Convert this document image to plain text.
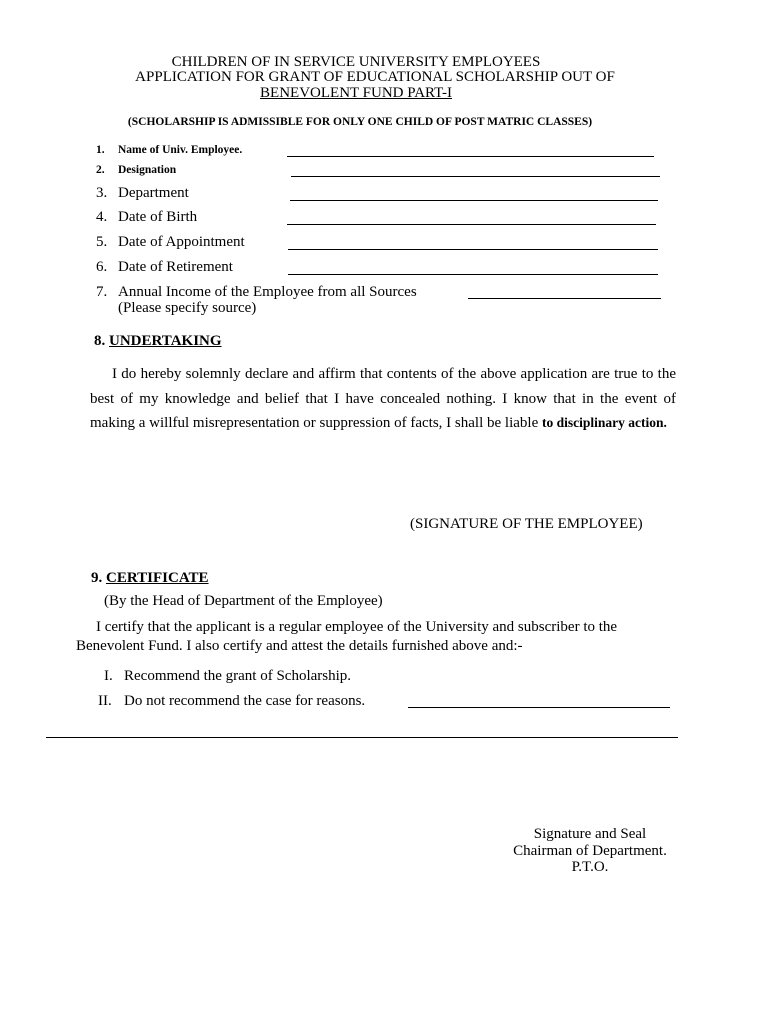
CHILDREN OF IN SERVICE UNIVERSITY EMPLOYEES
APPLICATION FOR GRANT OF EDUCATIONAL SCHOLARSHIP OUT OF
BENEVOLENT FUND PART-I
(SCHOLARSHIP IS ADMISSIBLE FOR ONLY ONE CHILD OF POST MATRIC CLASSES)
1. Name of Univ. Employee.
2. Designation
3. Department
4. Date of Birth
5. Date of Appointment
6. Date of Retirement
7. Annual Income of the Employee from all Sources
(Please specify source)
8. UNDERTAKING
I do hereby solemnly declare and affirm that contents of the above application are true to the best of my knowledge and belief that I have concealed nothing. I know that in the event of making a willful misrepresentation or suppression of facts, I shall be liable to disciplinary action.
(SIGNATURE OF THE EMPLOYEE)
9. CERTIFICATE
(By the Head of Department of the Employee)
I certify that the applicant is a regular employee of the University and subscriber to the Benevolent Fund. I also certify and attest the details furnished above and:-
I. Recommend the grant of Scholarship.
II. Do not recommend the case for reasons.
Signature and Seal
Chairman of Department.
P.T.O.
